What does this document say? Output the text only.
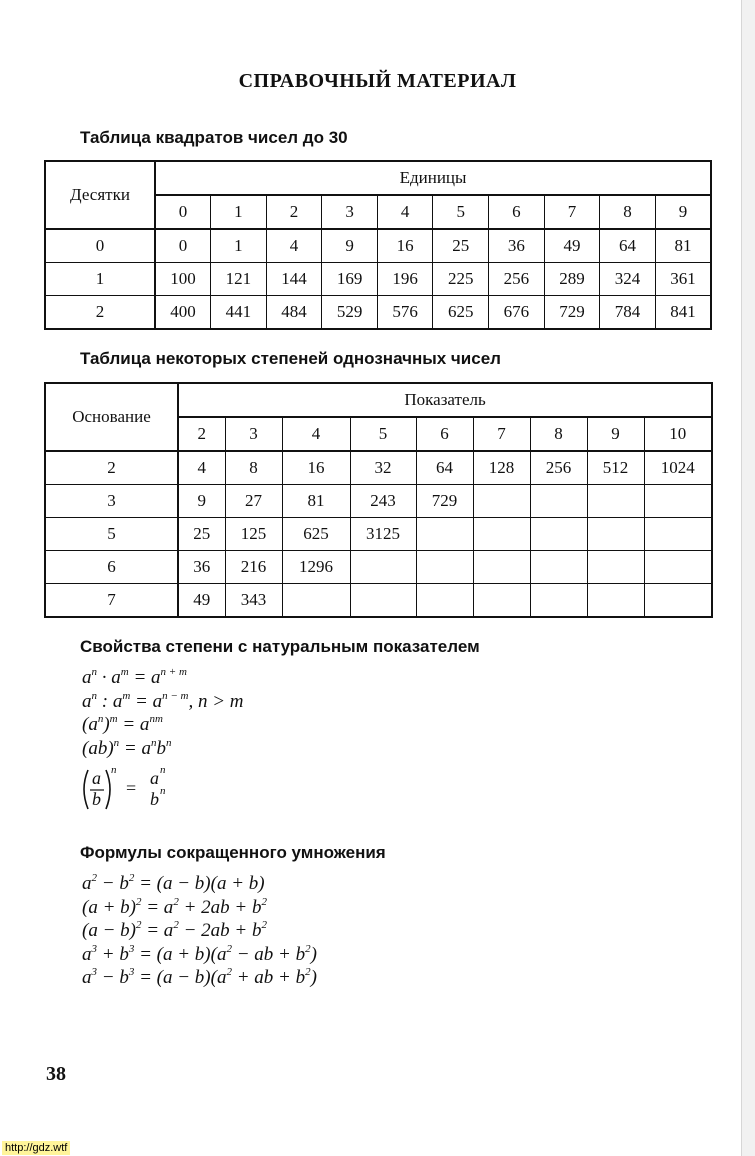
СПРАВОЧНЫЙ МАТЕРИАЛ
Таблица квадратов чисел до 30
Десятки	Единицы									
	0	1	2	3	4	5	6	7	8	9
0	0	1	4	9	16	25	36	49	64	81
1	100	121	144	169	196	225	256	289	324	361
2	400	441	484	529	576	625	676	729	784	841
Таблица некоторых степеней однозначных чисел
Основание	Показатель								
	2	3	4	5	6	7	8	9	10
2	4	8	16	32	64	128	256	512	1024
3	9	27	81	243	729				
5	25	125	625	3125					
6	36	216	1296						
7	49	343							
Свойства степени с натуральным показателем
$a^n \cdot a^m = a^{n + m}$
$a^n$ : $a^m = a^{n - m}$, n > m
$(a^n)^m = a^{nm}$
$(ab)^n = a^nb^n$
a
b
n
= a n
b n
Формулы сокращенного умножения
$a^2 - b^2 = (a - b)(a + b)$
$(a + b)^2 = a^2 + 2ab + b^2$
$(a - b)^2 = a^2 - 2ab + b^2$
$a^3 + b^3 = (a + b)(a^2$ − ab + $b^2$)
$a^3 - b^3 = (a - b)(a^2$ + ab + $b^2$)
38
http://gdz.wtf
